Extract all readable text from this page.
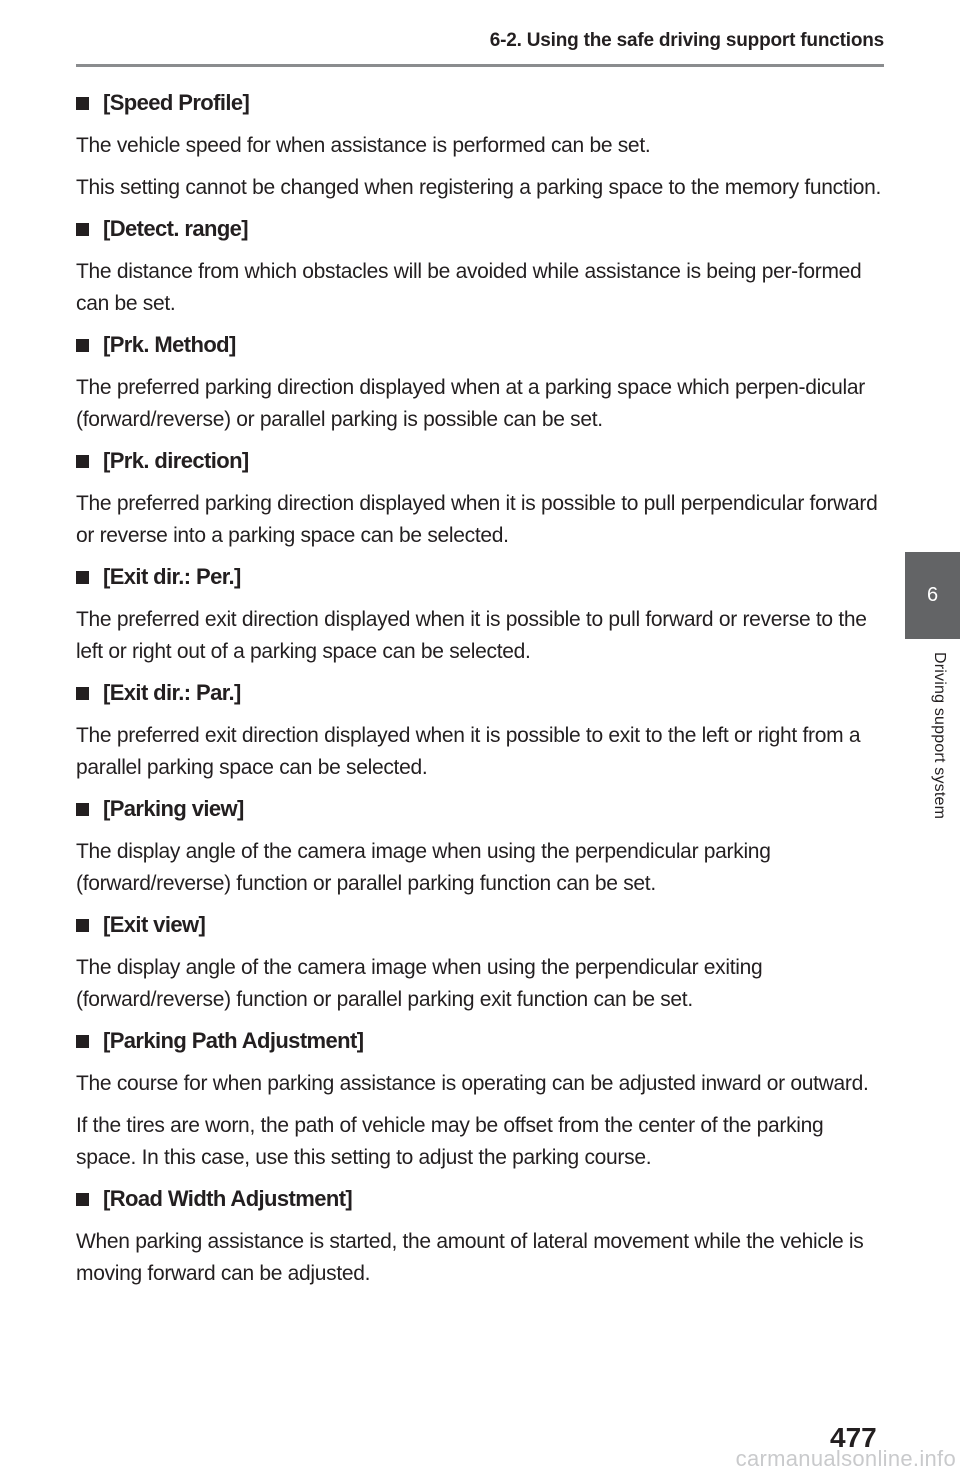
6-2. Using the safe driving support functions
[Speed Profile]

The vehicle speed for when assistance is performed can be set.

This setting cannot be changed when registering a parking space to the memory function.

[Detect. range]

The distance from which obstacles will be avoided while assistance is being per-formed can be set.

[Prk. Method]

The preferred parking direction displayed when at a parking space which perpen-dicular (forward/reverse) or parallel parking is possible can be set.

[Prk. direction]

The preferred parking direction displayed when it is possible to pull perpendicular forward or reverse into a parking space can be selected.

[Exit dir.: Per.]

The preferred exit direction displayed when it is possible to pull forward or reverse to the left or right out of a parking space can be selected.

[Exit dir.: Par.]

The preferred exit direction displayed when it is possible to exit to the left or right from a parallel parking space can be selected.

[Parking view]

The display angle of the camera image when using the perpendicular parking (forward/reverse) function or parallel parking function can be set.

[Exit view]

The display angle of the camera image when using the perpendicular exiting (forward/reverse) function or parallel parking exit function can be set.

[Parking Path Adjustment]

The course for when parking assistance is operating can be adjusted inward or outward.

If the tires are worn, the path of vehicle may be offset from the center of the parking space. In this case, use this setting to adjust the parking course.

[Road Width Adjustment]

When parking assistance is started, the amount of lateral movement while the vehicle is moving forward can be adjusted.

6
Driving support system
477
carmanualsonline.info
